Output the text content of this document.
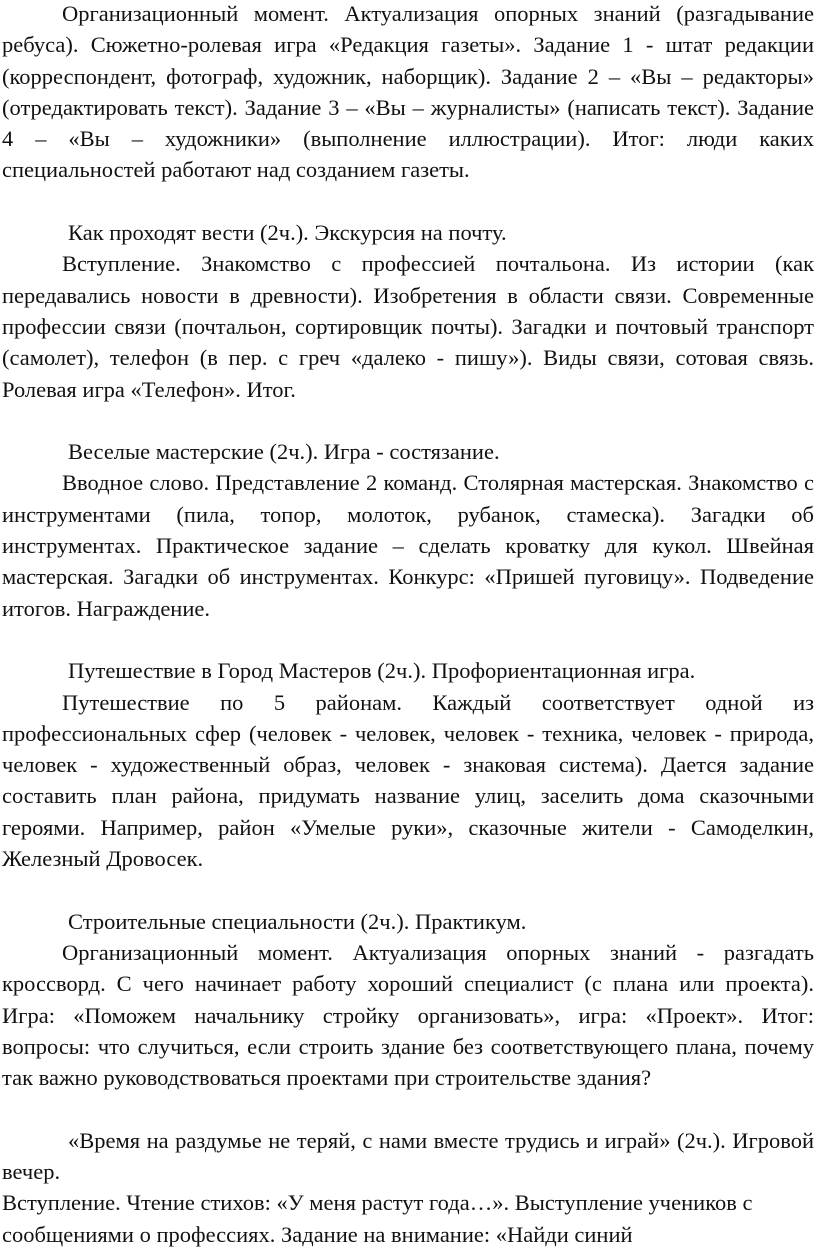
Организационный момент. Актуализация опорных знаний (разгадывание ребуса). Сюжетно-ролевая игра «Редакция газеты». Задание 1 - штат редакции (корреспондент, фотограф, художник, наборщик). Задание 2 – «Вы – редакторы» (отредактировать текст). Задание 3 – «Вы – журналисты» (написать текст). Задание 4 – «Вы – художники» (выполнение иллюстрации). Итог: люди каких специальностей работают над созданием газеты.

Как проходят вести (2ч.). Экскурсия на почту.

Вступление. Знакомство с профессией почтальона. Из истории (как передавались новости в древности). Изобретения в области связи. Современные профессии связи (почтальон, сортировщик почты). Загадки и почтовый транспорт (самолет), телефон (в пер. с греч «далеко - пишу»). Виды связи, сотовая связь. Ролевая игра «Телефон». Итог.

Веселые мастерские (2ч.). Игра - состязание.

Вводное слово. Представление 2 команд. Столярная мастерская. Знакомство с инструментами (пила, топор, молоток, рубанок, стамеска). Загадки об инструментах. Практическое задание – сделать кроватку для кукол. Швейная мастерская. Загадки об инструментах. Конкурс: «Пришей пуговицу». Подведение итогов. Награждение.

Путешествие в Город Мастеров (2ч.). Профориентационная игра.

Путешествие по 5 районам. Каждый соответствует одной из профессиональных сфер (человек - человек, человек - техника, человек - природа, человек - художественный образ, человек - знаковая система). Дается задание составить план района, придумать название улиц, заселить дома сказочными героями. Например, район «Умелые руки», сказочные жители - Самоделкин, Железный Дровосек.

Строительные специальности (2ч.). Практикум.

Организационный момент. Актуализация опорных знаний - разгадать кроссворд. С чего начинает работу хороший специалист (с плана или проекта). Игра: «Поможем начальнику стройку организовать», игра: «Проект». Итог: вопросы: что случиться, если строить здание без соответствующего плана, почему так важно руководствоваться проектами при строительстве здания?

«Время на раздумье не теряй, с нами вместе трудись и играй» (2ч.). Игровой вечер.

Вступление. Чтение стихов: «У меня растут года…». Выступление учеников с сообщениями о профессиях. Задание на внимание: «Найди синий
